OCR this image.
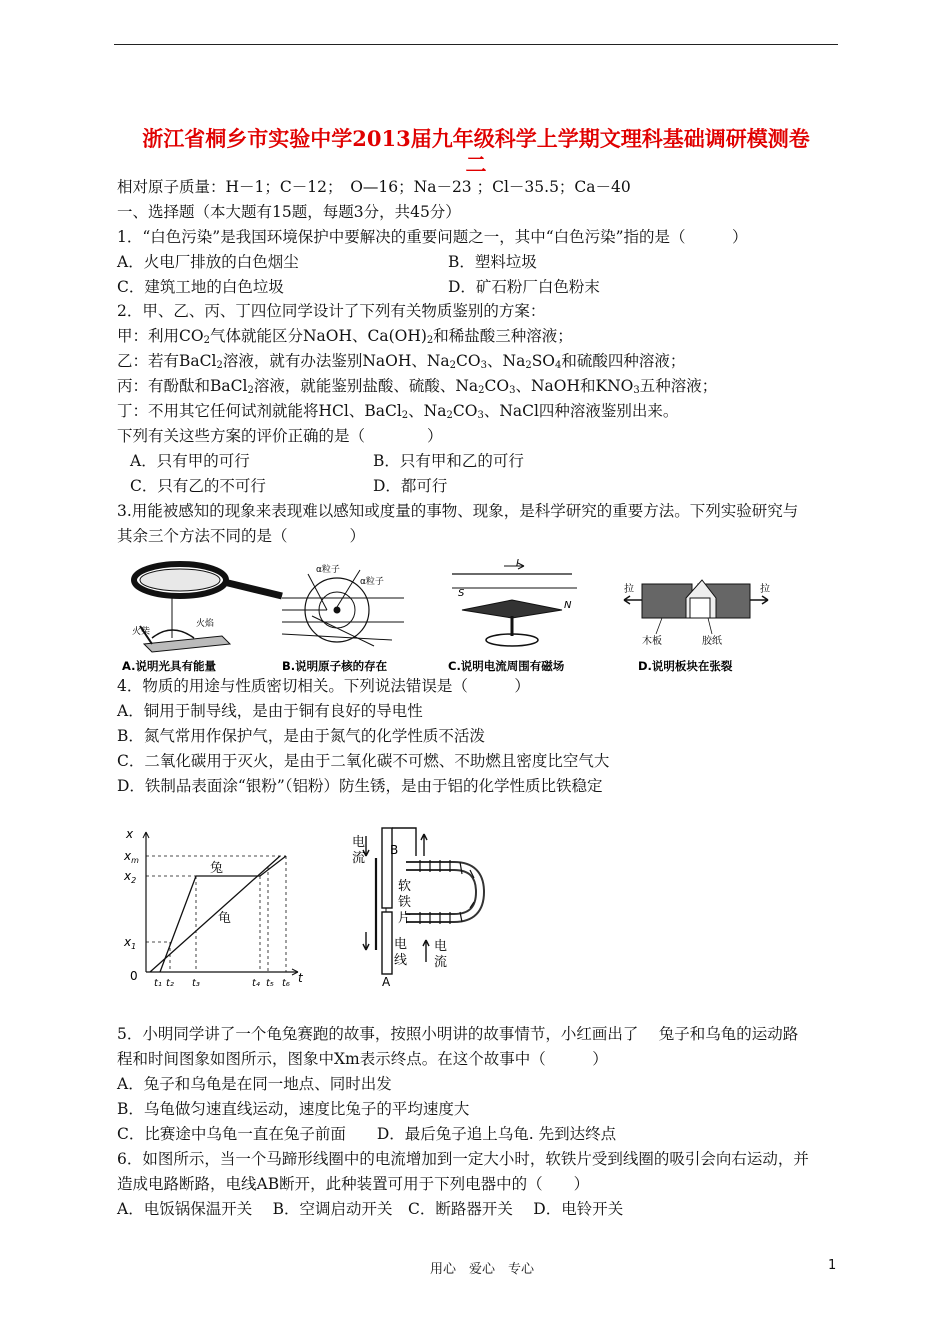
浙江省桐乡市实验中学2013届九年级科学上学期文理科基础调研模测卷
二
相对原子质量：H－1；C－12；　O—16；Na－23 ；Cl－35.5；Ca－40
一、选择题（本大题有15题，每题3分，共45分）
1．“白色污染”是我国环境保护中要解决的重要问题之一，其中“白色污染”指的是（　　　）
A．火电厂排放的白色烟尘	B．塑料垃圾
C．建筑工地的白色垃圾	D．矿石粉厂白色粉末
2．甲、乙、丙、丁四位同学设计了下列有关物质鉴别的方案：
甲：利用$CO_2$气体就能区分NaOH、$Ca(OH)_2$和稀盐酸三种溶液；
乙：若有BaCl$_2$溶液，就有办法鉴别NaOH、$Na_2CO_3$、$Na_2SO_4$和硫酸四种溶液；
丙：有酚酞和BaCl$_2$溶液，就能鉴别盐酸、硫酸、$Na_2CO_3$、NaOH和$KNO_3$五种溶液；
丁：不用其它任何试剂就能将HCl、BaCl$_2$、$Na_2CO_3$、NaCl四种溶液鉴别出来。
下列有关这些方案的评价正确的是（　　　　）
A．只有甲的可行	B．只有甲和乙的可行
C．只有乙的不可行	D．都可行
3.用能被感知的现象来表现难以感知或度量的事物、现象，是科学研究的重要方法。下列实验研究与
其余三个方法不同的是（　　　　）
火柴
火焰
A.说明光具有能量
α粒子
α粒子
B.说明原子核的存在
I
S
N
C.说明电流周围有磁场
拉	拉
木板	胶纸
D.说明板块在张裂
4．物质的用途与性质密切相关。下列说法错误是（　　　）
A．铜用于制导线，是由于铜有良好的导电性
B．氮气常用作保护气，是由于氮气的化学性质不活泼
C．二氧化碳用于灭火，是由于二氧化碳不可燃、不助燃且密度比空气大
D．铁制品表面涂“银粉”（铝粉）防生锈，是由于铝的化学性质比铁稳定
x
$x_m$
$x_2$
$x_1$
0	t
t₁ t₂ t₃	t₄ t₅ t₆
兔
龟
电
流
B
软
铁
片
电
线
电
流
A
5．小明同学讲了一个龟兔赛跑的故事，按照小明讲的故事情节，小红画出了　 兔子和乌龟的运动路
程和时间图象如图所示，图象中Xm表示终点。在这个故事中（　　　）
A．兔子和乌龟是在同一地点、同时出发
B．乌龟做匀速直线运动，速度比兔子的平均速度大
C．比赛途中乌龟一直在兔子前面　　D．最后兔子追上乌龟. 先到达终点
6．如图所示，当一个马蹄形线圈中的电流增加到一定大小时，软铁片受到线圈的吸引会向右运动，并
造成电路断路，电线AB断开，此种装置可用于下列电器中的（　　）
A．电饭锅保温开关　 B．空调启动开关　C．断路器开关　 D．电铃开关
用心　爱心　专心	1
